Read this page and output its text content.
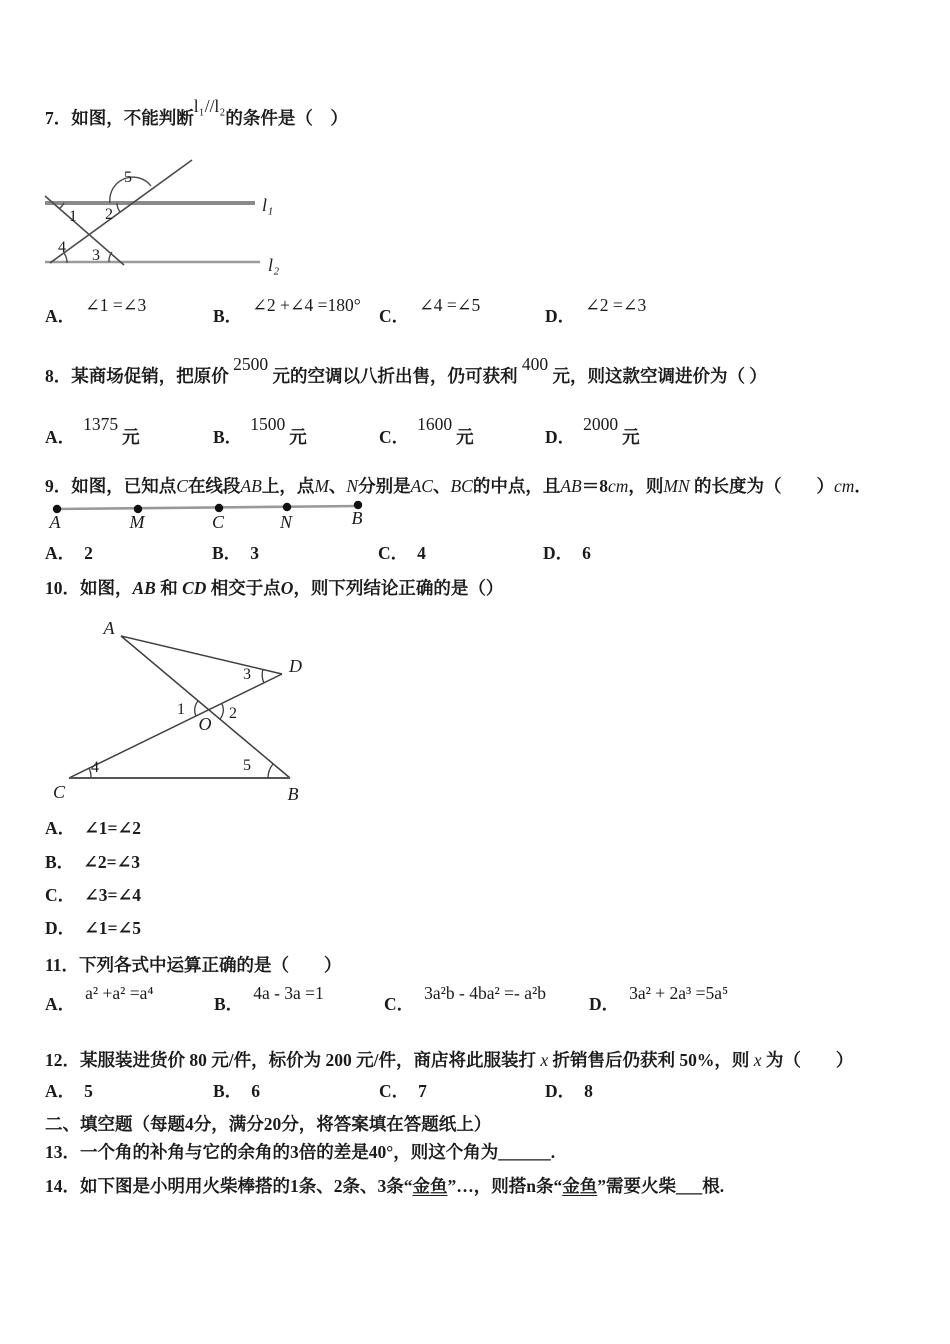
7．如图，不能判断l₁//l₂的条件是（　）
1 2
3
4
5
l₁
l₂
A．∠1 =∠3
B．∠2 +∠4 =180°
C．∠4 =∠5
D．∠2 =∠3
8．某商场促销，把原价 2500 元的空调以八折出售，仍可获利 400 元，则这款空调进价为（ ）
A．1375元	B．1500元	C．1600元	D．2000元
9．如图，已知点C在线段AB上，点M、N分别是AC、BC的中点，且AB＝8cm，则MN 的长度为（　　）cm．
A	M	C	N	B
A． 2	B． 3	C． 4	D． 6
10．如图，AB 和 CD 相交于点O，则下列结论正确的是（）
A
D
O
C	B
1	2
3
4	5
A． ∠1=∠2
B． ∠2=∠3
C． ∠3=∠4
D． ∠1=∠5
11．下列各式中运算正确的是（　　）
A．a² +a² =a⁴
B．4a - 3a =1
C．3a²b - 4ba² =- a²b
D．3a² + 2a³ =5a⁵
12．某服装进货价 80 元/件，标价为 200 元/件，商店将此服装打 x 折销售后仍获利 50%，则 x 为（　　）
A． 5	B． 6	C． 7	D． 8
二、填空题（每题4分，满分20分，将答案填在答题纸上）
13．一个角的补角与它的余角的3倍的差是40°，则这个角为______.
14．如下图是小明用火柴棒搭的1条、2条、3条“金鱼”…，则搭n条“金鱼”需要火柴___根.
